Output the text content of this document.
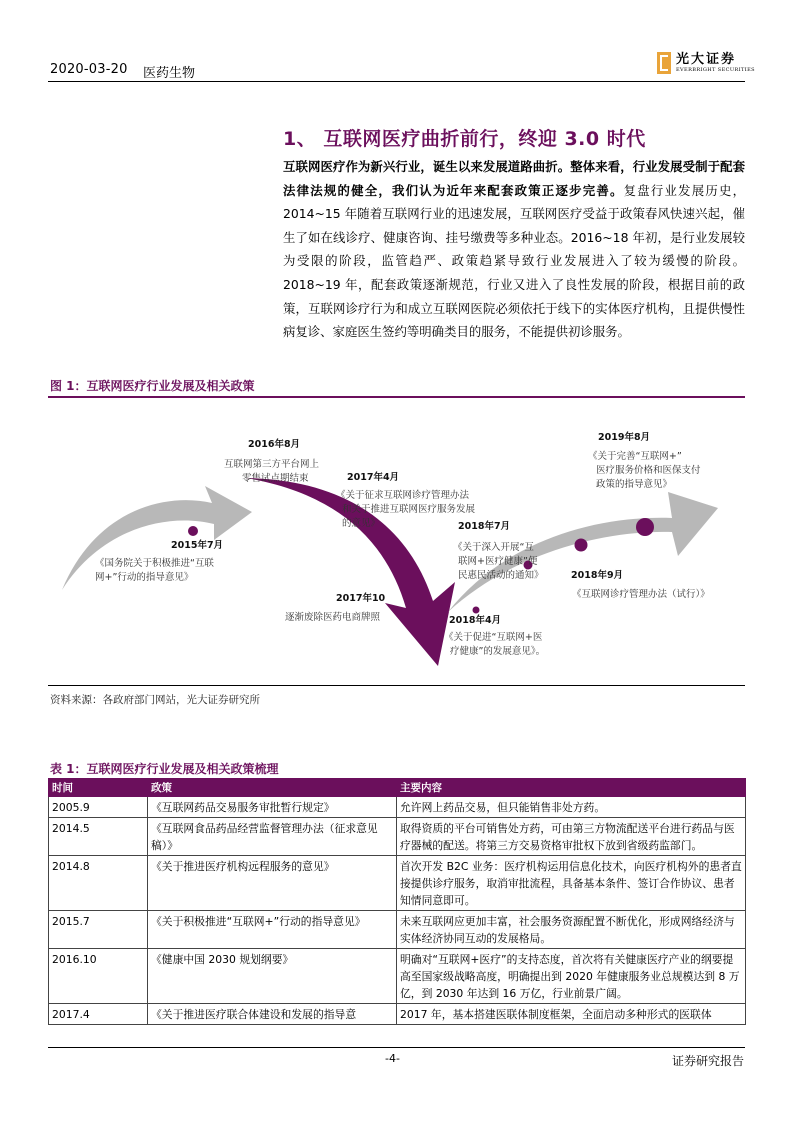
2020-03-20 医药生物
光大证券
EVERBRIGHT SECURITIES
1、 互联网医疗曲折前行，终迎 3.0 时代
互联网医疗作为新兴行业，诞生以来发展道路曲折。整体来看，行业发展受制于配套法律法规的健全，我们认为近年来配套政策正逐步完善。复盘行业发展历史，2014~15 年随着互联网行业的迅速发展，互联网医疗受益于政策春风快速兴起，催生了如在线诊疗、健康咨询、挂号缴费等多种业态。2016~18 年初，是行业发展较为受限的阶段，监管趋严、政策趋紧导致行业发展进入了较为缓慢的阶段。2018~19 年，配套政策逐渐规范，行业又进入了良性发展的阶段，根据目前的政策，互联网诊疗行为和成立互联网医院必须依托于线下的实体医疗机构，且提供慢性病复诊、家庭医生签约等明确类目的服务，不能提供初诊服务。
图 1：互联网医疗行业发展及相关政策
2015年7月
《国务院关于积极推进“互联
网+”行动的指导意见》
2016年8月
互联网第三方平台网上
零售试点期结束	2017年4月
《关于征求互联网诊疗管理办法
和关于推进互联网医疗服务发展
的意见》
2017年10
逐渐废除医药电商牌照	2018年4月
《关于促进“互联网+医
疗健康”的发展意见》。
2018年7月
《关于深入开展“互
联网+医疗健康”便
民惠民活动的通知》	2018年9月
《互联网诊疗管理办法（试行）》
2019年8月
《关于完善“互联网+”
医疗服务价格和医保支付
政策的指导意见》
资料来源：各政府部门网站，光大证券研究所
表 1：互联网医疗行业发展及相关政策梳理
时间	政策	主要内容
2005.9	《互联网药品交易服务审批暂行规定》	允许网上药品交易，但只能销售非处方药。
2014.5	《互联网食品药品经营监督管理办法（征求意见稿）》	取得资质的平台可销售处方药，可由第三方物流配送平台进行药品与医疗器械的配送。将第三方交易资格审批权下放到省级药监部门。
2014.8	《关于推进医疗机构远程服务的意见》	首次开发 B2C 业务：医疗机构运用信息化技术，向医疗机构外的患者直接提供诊疗服务，取消审批流程，具备基本条件、签订合作协议、患者知情同意即可。
2015.7	《关于积极推进“互联网+”行动的指导意见》	未来互联网应更加丰富，社会服务资源配置不断优化，形成网络经济与实体经济协同互动的发展格局。
2016.10	《健康中国 2030 规划纲要》	明确对“互联网+医疗”的支持态度，首次将有关健康医疗产业的纲要提高至国家级战略高度，明确提出到 2020 年健康服务业总规模达到 8 万亿，到 2030 年达到 16 万亿，行业前景广阔。
2017.4	《关于推进医疗联合体建设和发展的指导意	2017 年，基本搭建医联体制度框架，全面启动多种形式的医联体
-4-	证券研究报告
